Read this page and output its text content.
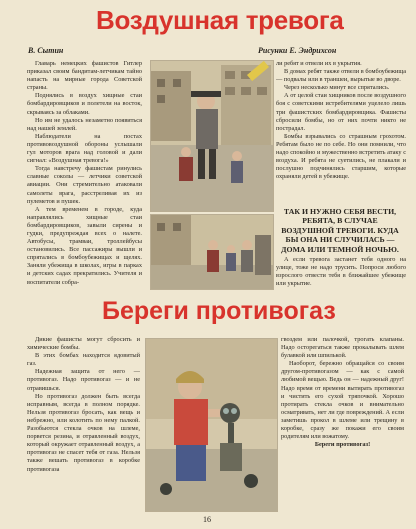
Воздушная тревога
В. Сытин	Рисунки Е. Эндрихсон

Главарь немецких фашистов Гитлер приказал своим бандитам-летчикам тайно напасть на мирные города Советской страны.

Поднялись в воздух хищные стаи бомбардировщиков и полетели на восток, скрываясь за облаками.

Но им не удалось незаметно появиться над нашей землей.

Наблюдатели на постах противовоздушной обороны услышали гул моторов врага над головой и дали сигнал: «Воздушная тревога!»

Тогда навстречу фашистам ринулись славные соколы — летчики советской авиации. Они стремительно атаковали самолеты врага, расстреливая их из пулеметов и пушек.

А тем временем в городе, куда направлялись хищные стаи бомбардировщиков, завыли сирены и гудки, предупреждая всех о налете. Автобусы, трамваи, троллейбусы остановились. Все пассажиры вышли и спрятались в бомбоубежищах и щелях. Заняли убежища в школах, игры в парках и детских садах прекратились. Учителя и воспитатели собра-

ли ребят и отвели их в укрытия.

В домах ребят также отвели в бомбоубежища — подвалы или в траншеи, вырытые во дворе.

Через несколько минут все спрятались.

А от целой стаи хищников после воздушного боя с советскими истребителями уцелело лишь три фашистских бомбардировщика. Фашисты сбросили бомбы, но от них почти никто не пострадал.

Бомбы взрывались со страшным грохотом. Ребятам было не по себе. Но они помнили, что надо спокойно и мужественно встретить атаку с воздуха. И ребята не суетились, не плакали и послушно подчинялись старшим, которые охраняли детей в убежище.

ТАК И НУЖНО СЕБЯ ВЕСТИ, РЕБЯТА, В СЛУЧАЕ ВОЗДУШНОЙ ТРЕВОГИ. КУДА БЫ ОНА НИ СЛУЧИЛАСЬ — ДОМА ИЛИ ТЕМНОЙ НОЧЬЮ.

А если тревога застанет тебя одного на улице, тоже не надо трусить. Попроси любого взрослого отвести тебя в ближайшее убежище или укрытие.

Береги противогаз

Дикие фашисты могут сбросить и химические бомбы.

В этих бомбах находится ядовитый газ.

Надежная защита от него — противогаз. Надо противогаз — и не отравишься.

Но противогаз должен быть всегда исправным, всегда в полном порядке. Нельзя противогаз бросать, как вещь и небрежно, или колотить по нему палкой. Разобьются стекла очков на шлеме, порвется резина, и отравленный воздух, который окружает отравленный воздух, а противогаз не спасет тебя от газа. Нельзя также вешать противогаз в коробке противогаза

гвоздем или палочкой, трогать клапаны. Надо осторегаться также прокалывать шлем булавкой или шпилькой.

Наоборот, бережно обращайся со своим другом-противогазом — как с самой любимой вещью. Ведь он — надежный друг! Надо время от времени вытирать противогаз и чистить его сухой тряпочкой. Хорошо протирать стекла очков и внимательно осматривать, нет ли где повреждений. А если заметишь прокол в шлеме или трещину в коробке, сразу же покажи его своим родителям или вожатому.

Береги противогаз!

16
